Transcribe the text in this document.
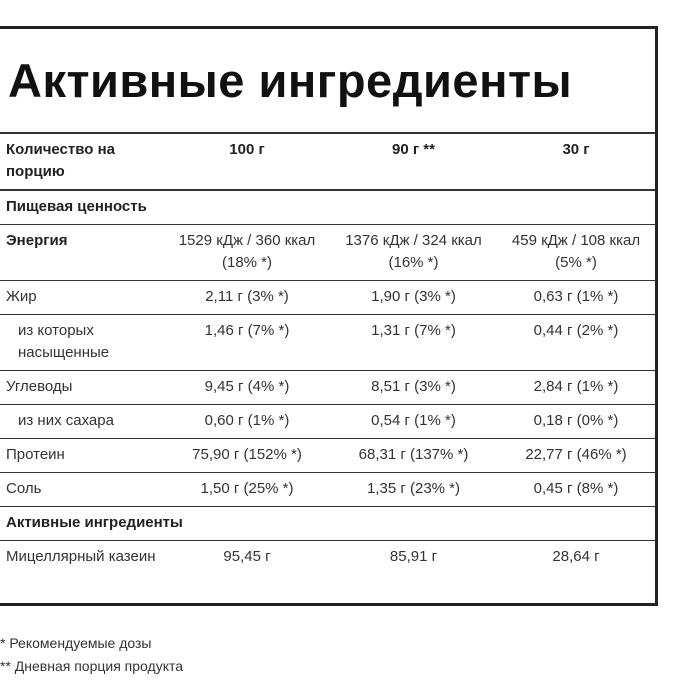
Активные ингредиенты
Количество на порцию	100 г	90 г **	30 г
Пищевая ценность			
Энергия	1529 кДж / 360 ккал (18% *)	1376 кДж / 324 ккал (16% *)	459 кДж / 108 ккал (5% *)
Жир	2,11 г (3% *)	1,90 г (3% *)	0,63 г (1% *)
из которых насыщенные	1,46 г (7% *)	1,31 г (7% *)	0,44 г (2% *)
Углеводы	9,45 г (4% *)	8,51 г (3% *)	2,84 г (1% *)
из них сахара	0,60 г (1% *)	0,54 г (1% *)	0,18 г (0% *)
Протеин	75,90 г (152% *)	68,31 г (137% *)	22,77 г (46% *)
Соль	1,50 г (25% *)	1,35 г (23% *)	0,45 г (8% *)
Активные ингредиенты			
Мицеллярный казеин	95,45 г	85,91 г	28,64 г
* Рекомендуемые дозы
** Дневная порция продукта
